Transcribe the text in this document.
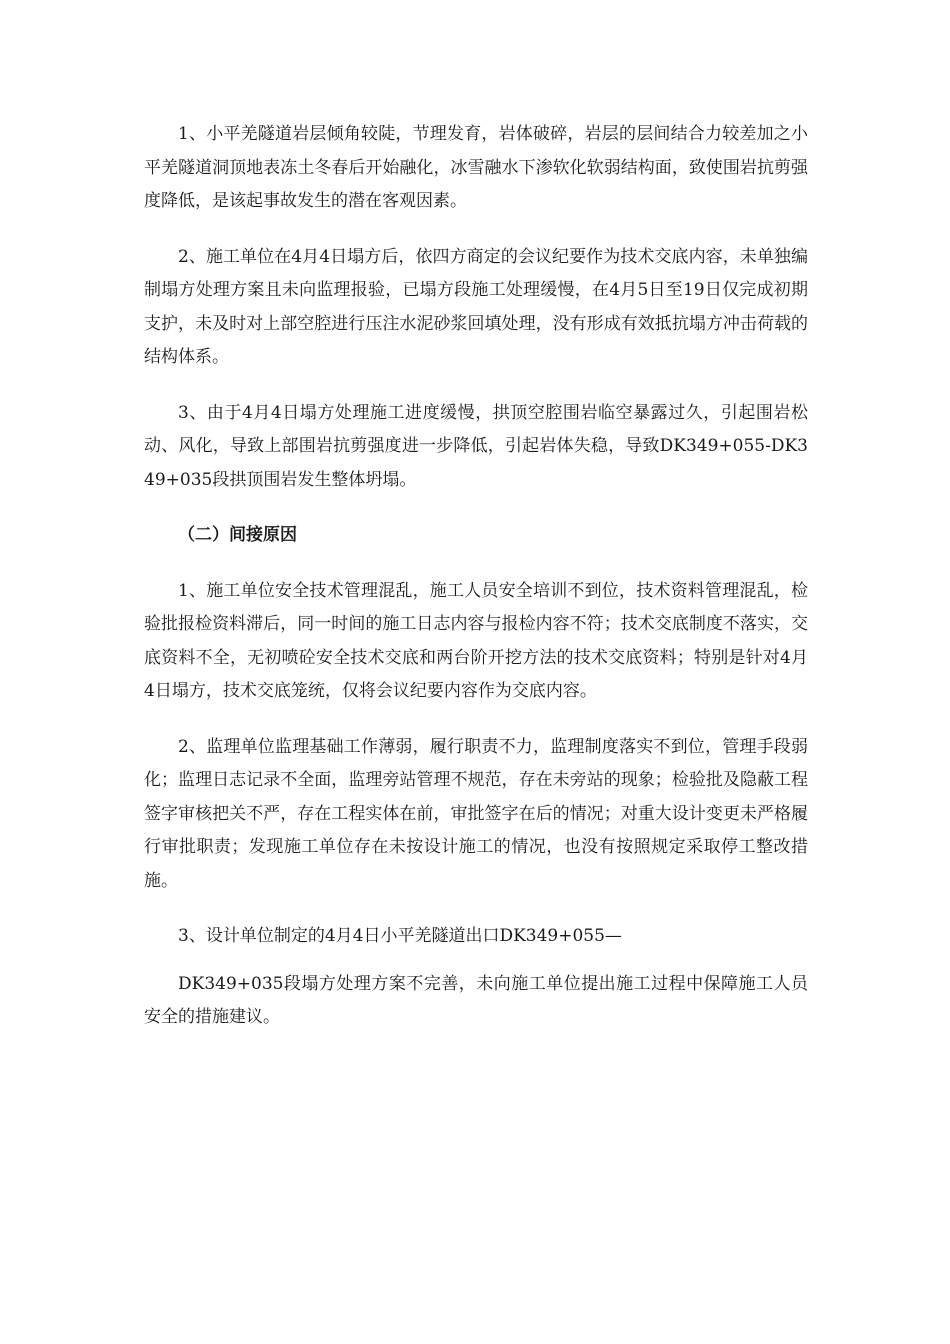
1、小平羌隧道岩层倾角较陡，节理发育，岩体破碎，岩层的层间结合力较差加之小平羌隧道洞顶地表冻土冬春后开始融化，冰雪融水下渗软化软弱结构面，致使围岩抗剪强度降低，是该起事故发生的潜在客观因素。

2、施工单位在4月4日塌方后，依四方商定的会议纪要作为技术交底内容，未单独编制塌方处理方案且未向监理报验，已塌方段施工处理缓慢，在4月5日至19日仅完成初期支护，未及时对上部空腔进行压注水泥砂浆回填处理，没有形成有效抵抗塌方冲击荷载的结构体系。

3、由于4月4日塌方处理施工进度缓慢，拱顶空腔围岩临空暴露过久，引起围岩松动、风化，导致上部围岩抗剪强度进一步降低，引起岩体失稳，导致DK349+055-DK349+035段拱顶围岩发生整体坍塌。

（二）间接原因

1、施工单位安全技术管理混乱，施工人员安全培训不到位，技术资料管理混乱，检验批报检资料滞后，同一时间的施工日志内容与报检内容不符；技术交底制度不落实，交底资料不全，无初喷砼安全技术交底和两台阶开挖方法的技术交底资料；特别是针对4月4日塌方，技术交底笼统，仅将会议纪要内容作为交底内容。

2、监理单位监理基础工作薄弱，履行职责不力，监理制度落实不到位，管理手段弱化；监理日志记录不全面，监理旁站管理不规范，存在未旁站的现象；检验批及隐蔽工程签字审核把关不严，存在工程实体在前，审批签字在后的情况；对重大设计变更未严格履行审批职责；发现施工单位存在未按设计施工的情况，也没有按照规定采取停工整改措施。

3、设计单位制定的4月4日小平羌隧道出口DK349+055—

DK349+035段塌方处理方案不完善，未向施工单位提出施工过程中保障施工人员安全的措施建议。
